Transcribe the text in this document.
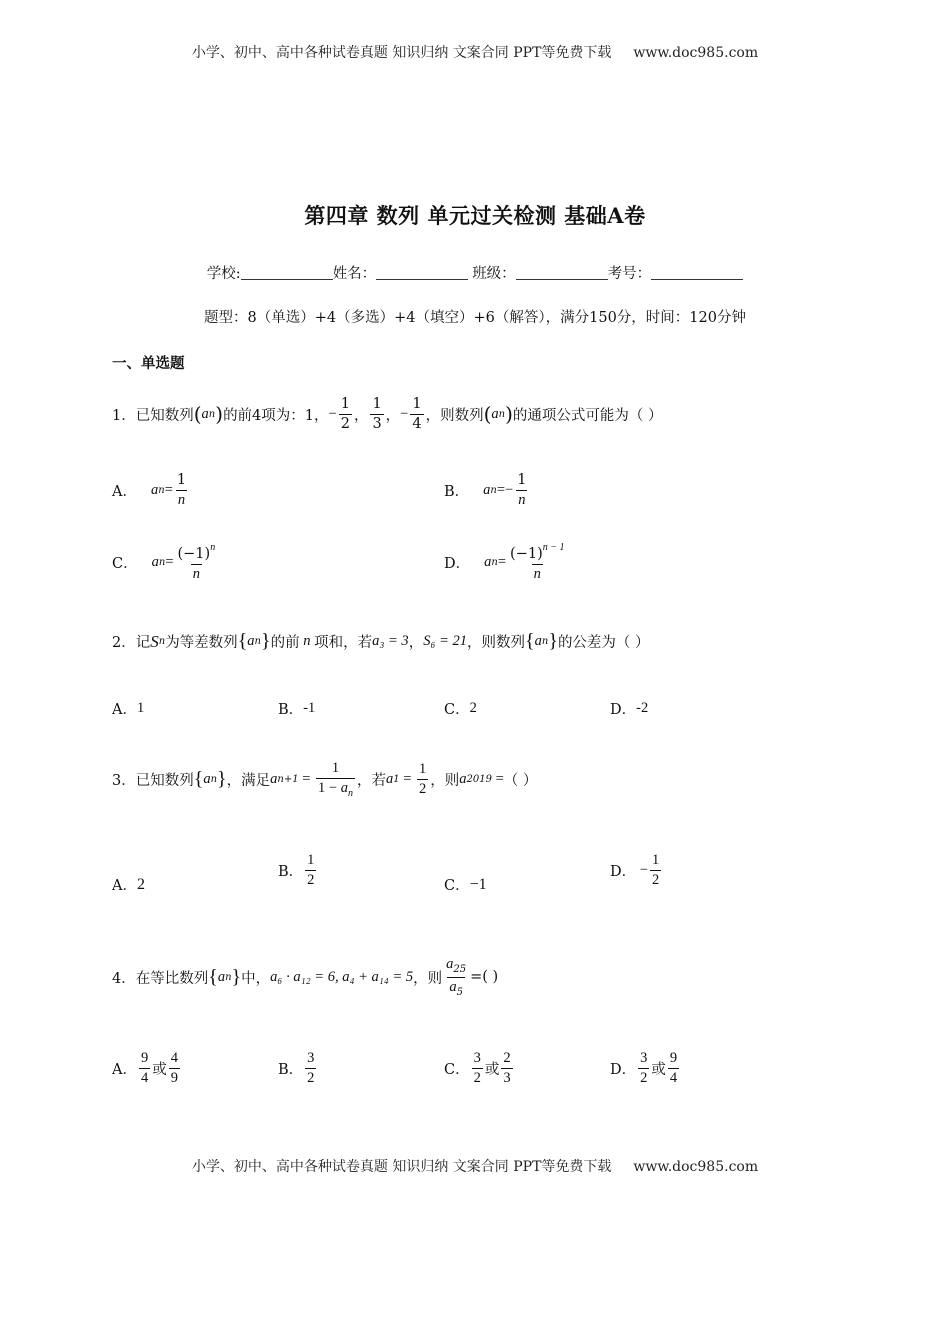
小学、初中、高中各种试卷真题 知识归纳 文案合同 PPT等免费下载 www.doc985.com
第四章 数列 单元过关检测 基础A卷
学校:	姓名：	班级：	考号：
题型：8（单选）+4（多选）+4（填空）+6（解答），满分150分，时间：120分钟
一、单选题
1．已知数列 ( a n ) 的前4项为：1， − $\frac{1}{2}$ ， $\frac{1}{3}$ ， − $\frac{1}{4}$ ，则数列 ( a n ) 的通项公式可能为（ ）
A． a $n = \frac{1}{n}$	B． a $n =- \frac{1}{n}$
C． a $n = \frac{(-1)^n}{n}$	D． a $n = \frac{(-1)^{n - 1}}{n}$
2．记 S n 为等差数列 { a n } 的前 n 项和，若 a₃ = 3 ， S₆ = 21 ，则数列 { a n } 的公差为（ ）
A． 1	B． -1	C． 2	D． -2
3．已知数列 { a n } ，满足 a $n+1 = \frac{1}{1 - a_n}$ ，若 a $1 = \frac{1}{2}$ ，则 a 2019 = （ ）
A． 2
B． $\frac{1}{2}$	C． −1
D． − $\frac{1}{2}$
4．在等比数列 { a n } 中， a₆ · a₁₂ = 6, a₄ + a₁₄ = 5 ，则 $\frac{a_{25}}{a_5}$ =( )
A． $\frac{9}{4}$ 或 $\frac{4}{9}$	B． $\frac{3}{2}$	C． $\frac{3}{2}$ 或 $\frac{2}{3}$	D． $\frac{3}{2}$ 或 $\frac{9}{4}$
小学、初中、高中各种试卷真题 知识归纳 文案合同 PPT等免费下载 www.doc985.com
